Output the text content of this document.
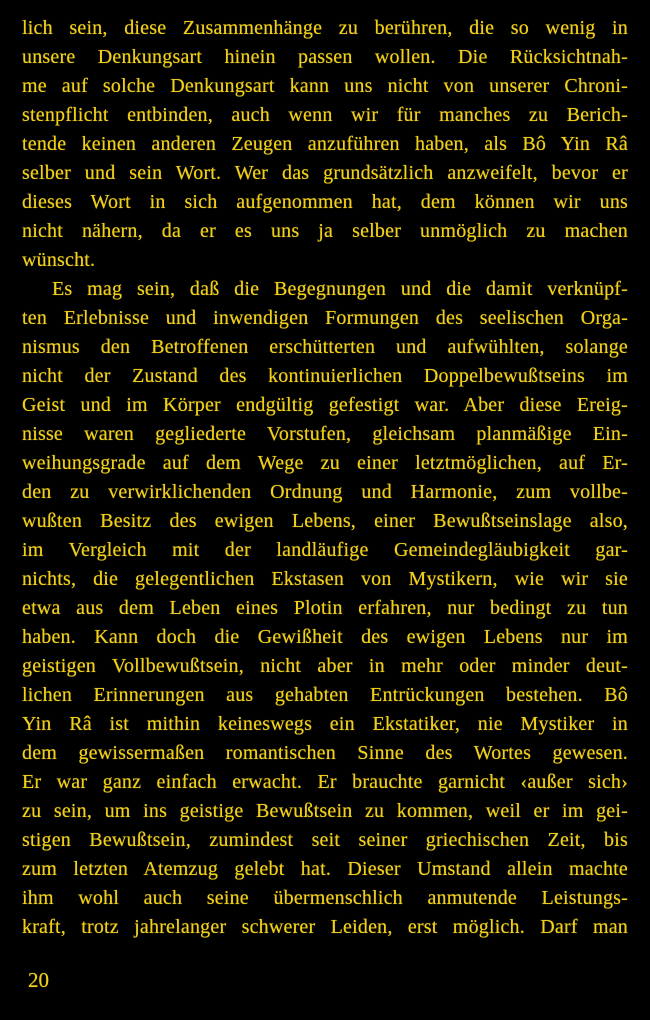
lich sein, diese Zusammenhänge zu berühren, die so wenig in
unsere Denkungsart hinein passen wollen. Die Rücksichtnah-
me auf solche Denkungsart kann uns nicht von unserer Chroni-
stenpflicht entbinden, auch wenn wir für manches zu Berich-
tende keinen anderen Zeugen anzuführen haben, als Bô Yin Râ
selber und sein Wort. Wer das grundsätzlich anzweifelt, bevor er
dieses Wort in sich aufgenommen hat, dem können wir uns
nicht nähern, da er es uns ja selber unmöglich zu machen
wünscht.
Es mag sein, daß die Begegnungen und die damit verknüpf-
ten Erlebnisse und inwendigen Formungen des seelischen Orga-
nismus den Betroffenen erschütterten und aufwühlten, solange
nicht der Zustand des kontinuierlichen Doppelbewußtseins im
Geist und im Körper endgültig gefestigt war. Aber diese Ereig-
nisse waren gegliederte Vorstufen, gleichsam planmäßige Ein-
weihungsgrade auf dem Wege zu einer letztmöglichen, auf Er-
den zu verwirklichenden Ordnung und Harmonie, zum vollbe-
wußten Besitz des ewigen Lebens, einer Bewußtseinslage also,
im Vergleich mit der landläufige Gemeindegläubigkeit gar-
nichts, die gelegentlichen Ekstasen von Mystikern, wie wir sie
etwa aus dem Leben eines Plotin erfahren, nur bedingt zu tun
haben. Kann doch die Gewißheit des ewigen Lebens nur im
geistigen Vollbewußtsein, nicht aber in mehr oder minder deut-
lichen Erinnerungen aus gehabten Entrückungen bestehen. Bô
Yin Râ ist mithin keineswegs ein Ekstatiker, nie Mystiker in
dem gewissermaßen romantischen Sinne des Wortes gewesen.
Er war ganz einfach erwacht. Er brauchte garnicht ‹außer sich›
zu sein, um ins geistige Bewußtsein zu kommen, weil er im gei-
stigen Bewußtsein, zumindest seit seiner griechischen Zeit, bis
zum letzten Atemzug gelebt hat. Dieser Umstand allein machte
ihm wohl auch seine übermenschlich anmutende Leistungs-
kraft, trotz jahrelanger schwerer Leiden, erst möglich. Darf man
20
